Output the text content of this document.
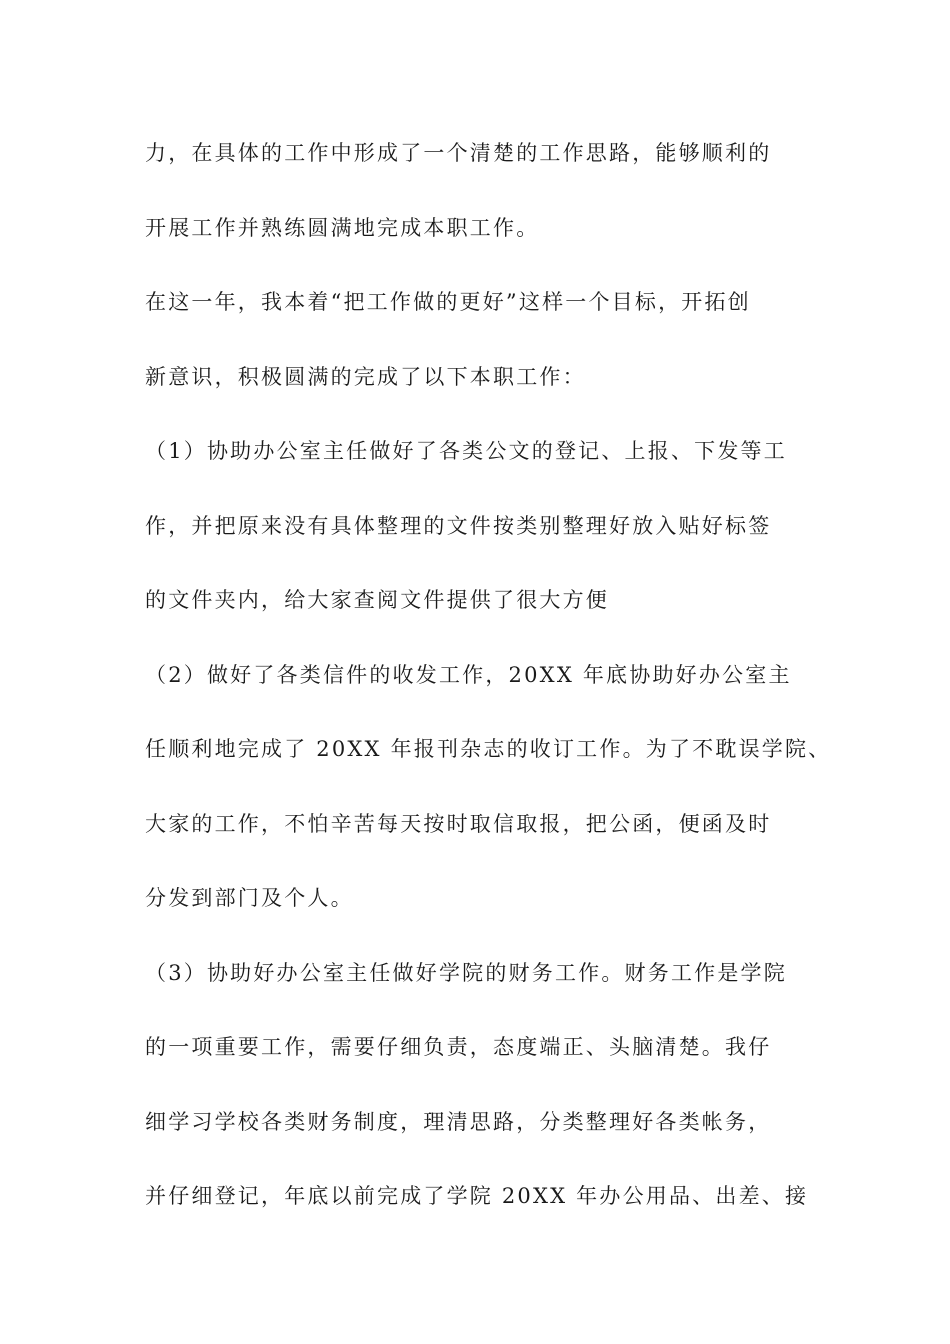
力，在具体的工作中形成了一个清楚的工作思路，能够顺利的
开展工作并熟练圆满地完成本职工作。
在这一年，我本着“把工作做的更好”这样一个目标，开拓创
新意识，积极圆满的完成了以下本职工作：
（1）协助办公室主任做好了各类公文的登记、上报、下发等工
作，并把原来没有具体整理的文件按类别整理好放入贴好标签
的文件夹内，给大家查阅文件提供了很大方便
（2）做好了各类信件的收发工作，20XX 年底协助好办公室主
任顺利地完成了 20XX 年报刊杂志的收订工作。为了不耽误学院、
大家的工作，不怕辛苦每天按时取信取报，把公函，便函及时
分发到部门及个人。
（3）协助好办公室主任做好学院的财务工作。财务工作是学院
的一项重要工作，需要仔细负责，态度端正、头脑清楚。我仔
细学习学校各类财务制度，理清思路，分类整理好各类帐务，
并仔细登记，年底以前完成了学院 20XX 年办公用品、出差、接
